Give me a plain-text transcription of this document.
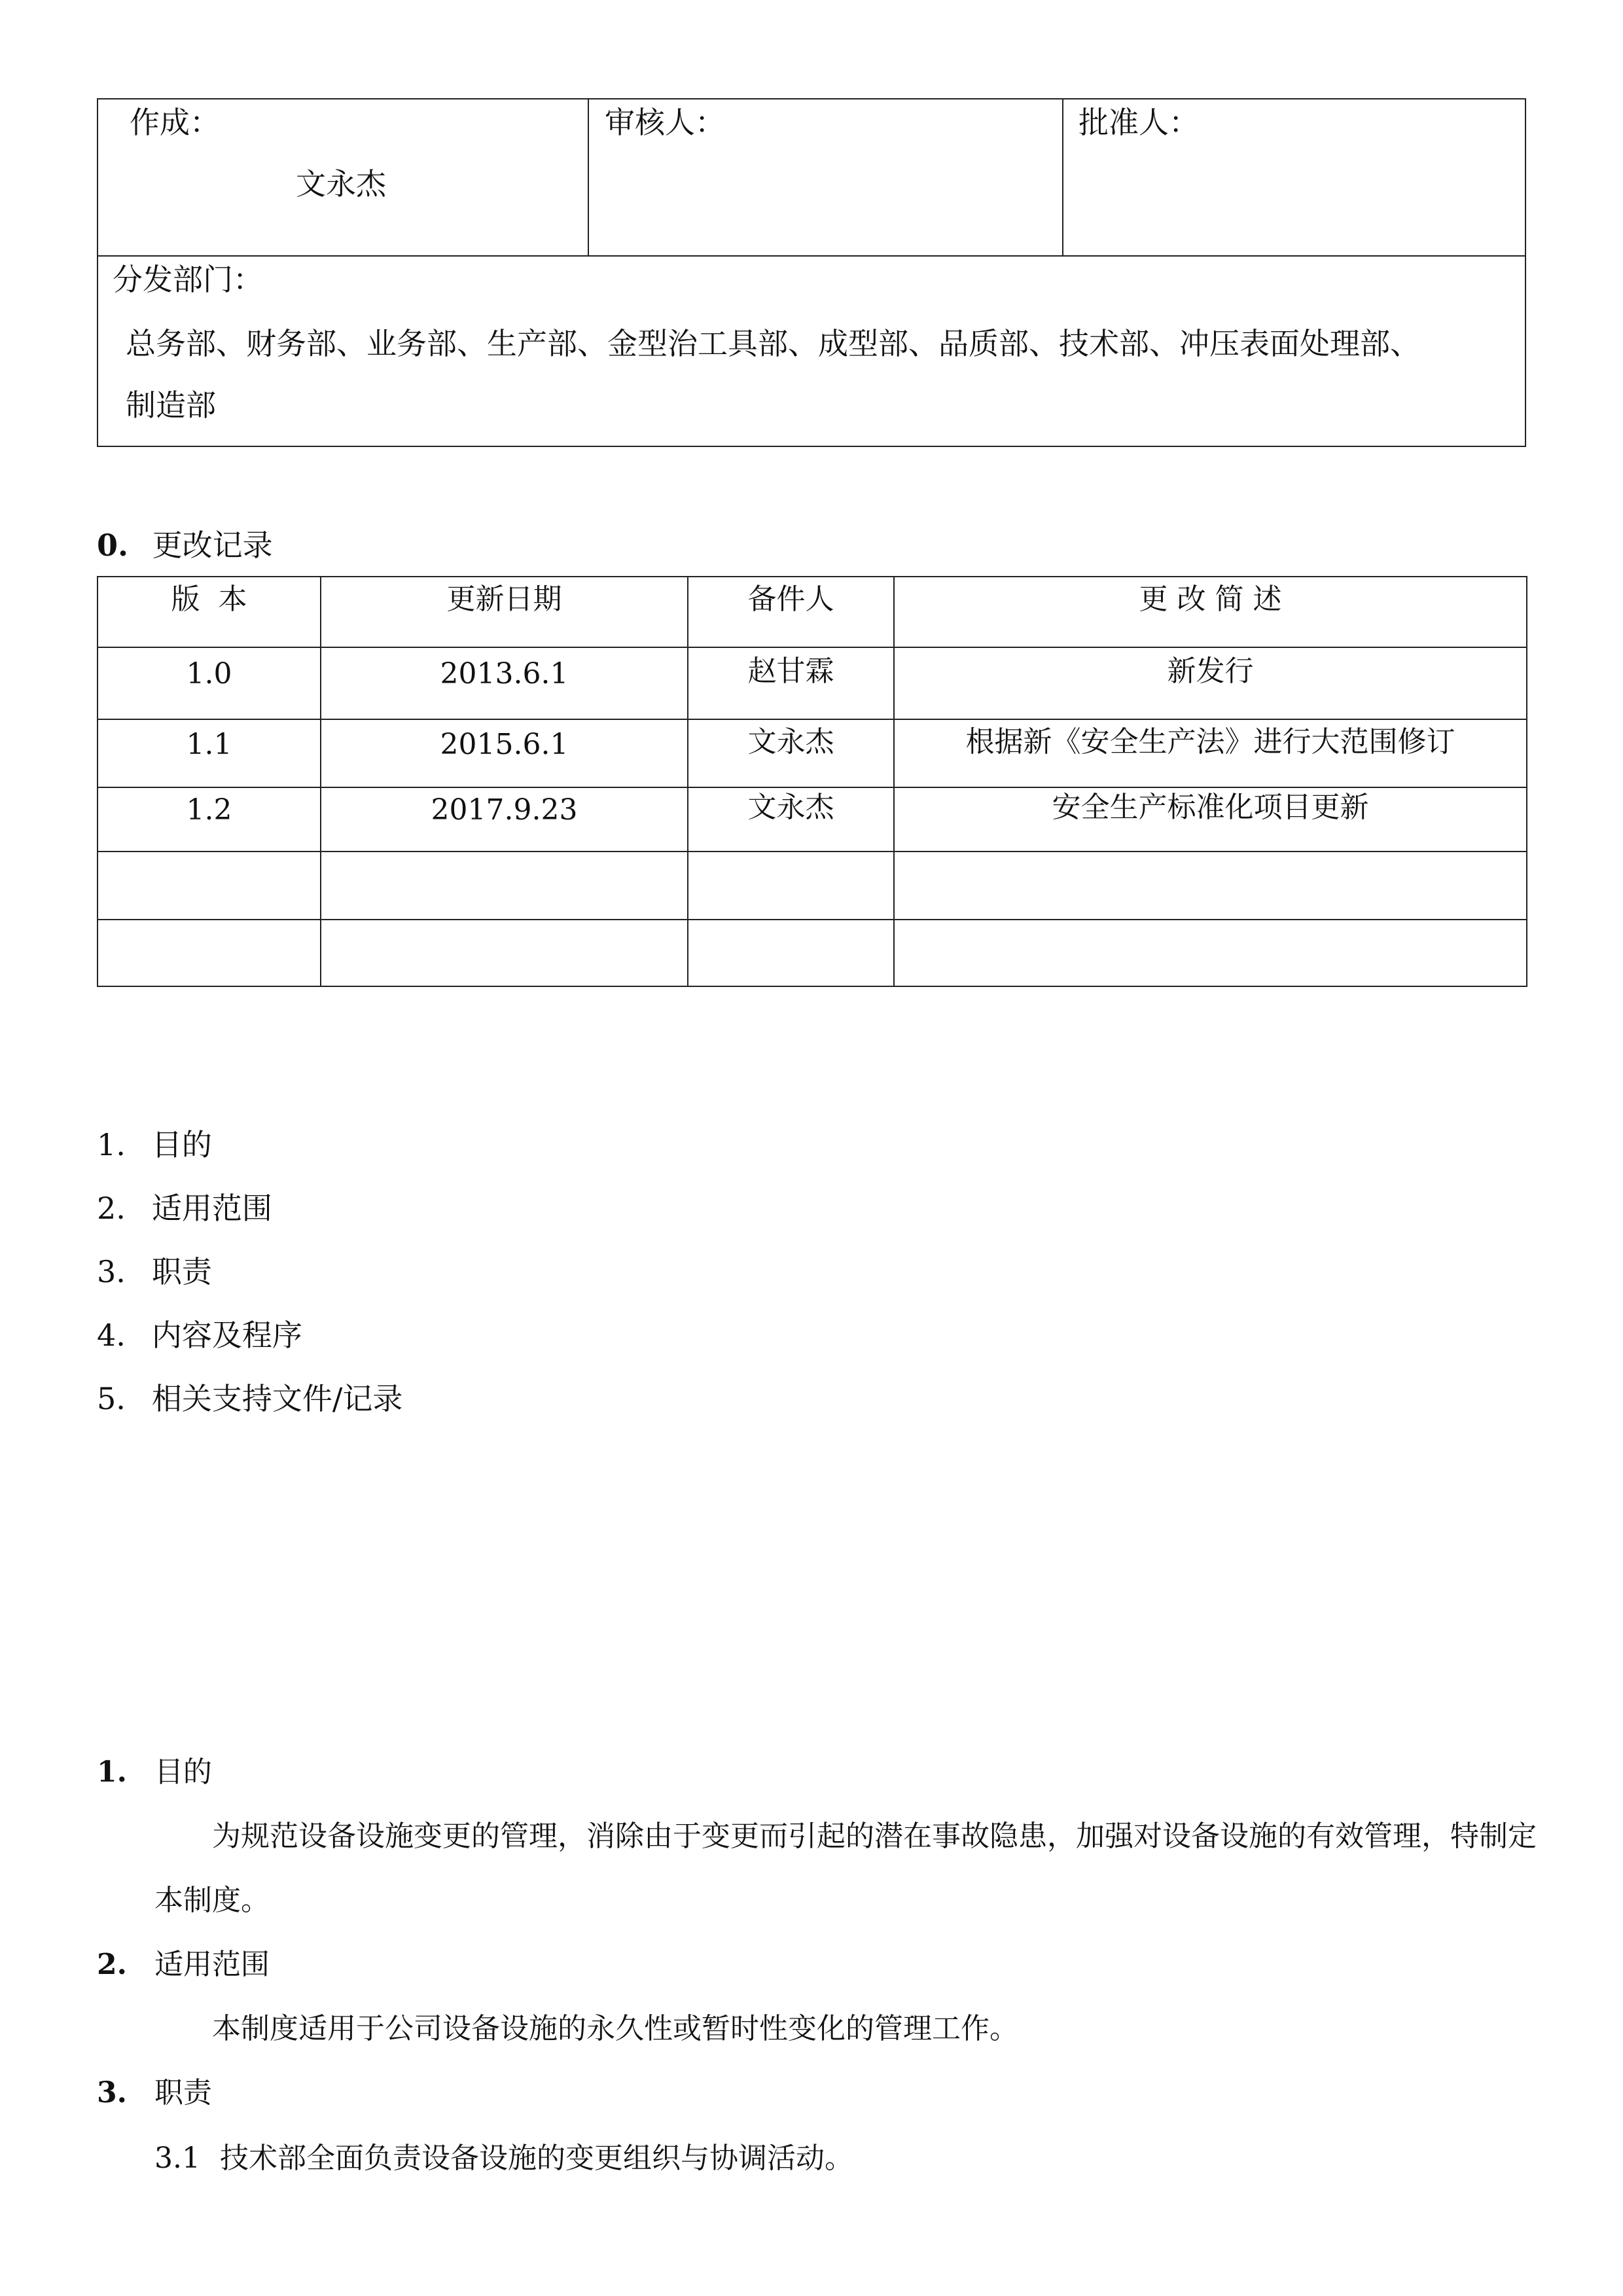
作成：
文永杰
审核人：	批准人：
分发部门：
总务部、财务部、业务部、生产部、金型治工具部、成型部、品质部、技术部、冲压表面处理部、
制造部
0. 更改记录
版  本	更新日期	备件人	更 改 简 述
1.0	2013.6.1	赵甘霖	新发行
1.1	2015.6.1	文永杰	根据新《安全生产法》进行大范围修订
1.2	2017.9.23	文永杰	安全生产标准化项目更新
1. 目的
2. 适用范围
3. 职责
4. 内容及程序
5. 相关支持文件/记录
1. 目的
为规范设备设施变更的管理，消除由于变更而引起的潜在事故隐患，加强对设备设施的有效管理，特制定
本制度。
2. 适用范围
本制度适用于公司设备设施的永久性或暂时性变化的管理工作。
3. 职责
3.1 技术部全面负责设备设施的变更组织与协调活动。
